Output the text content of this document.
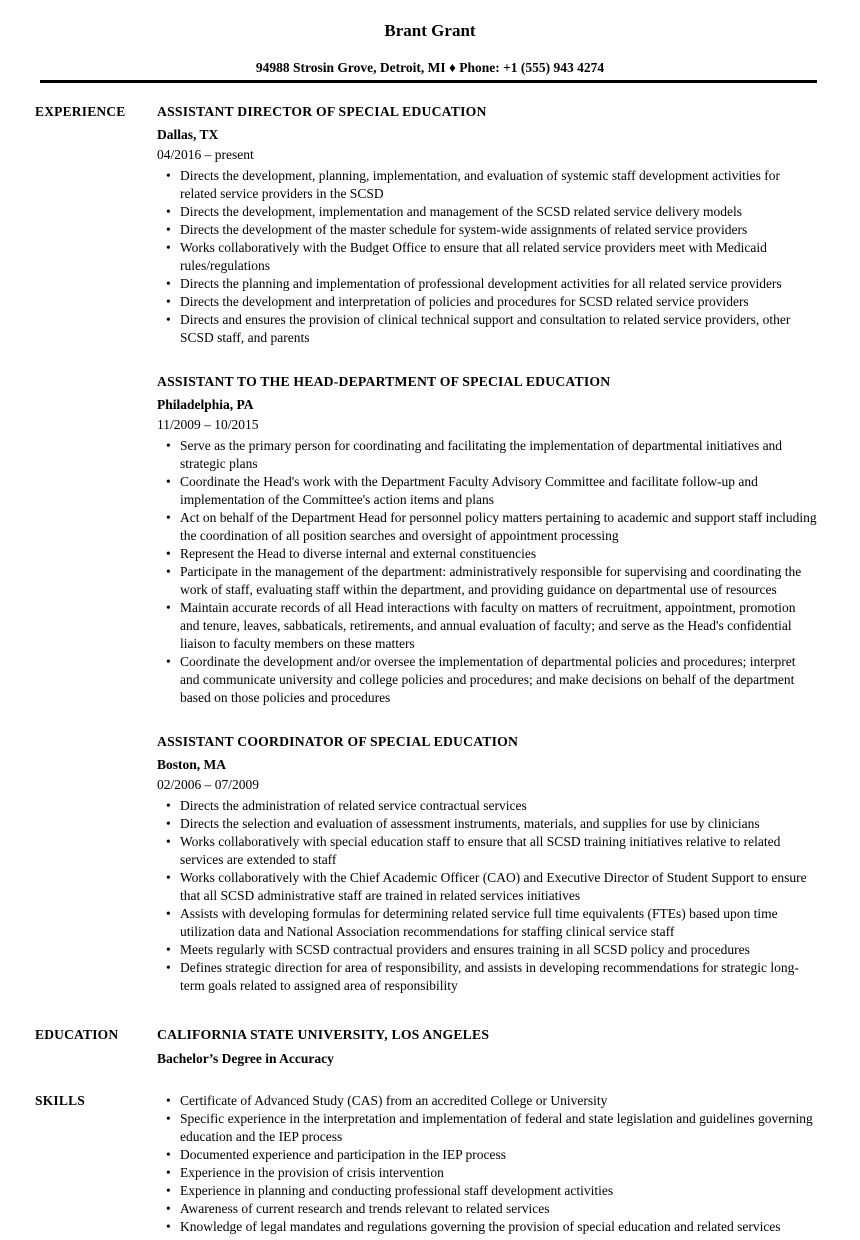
Brant Grant
94988 Strosin Grove, Detroit, MI ♦ Phone: +1 (555) 943 4274
EXPERIENCE	ASSISTANT DIRECTOR OF SPECIAL EDUCATION
Dallas, TX
04/2016 – present
• Directs the development, planning, implementation, and evaluation of systemic staff development activities for related service providers in the SCSD
• Directs the development, implementation and management of the SCSD related service delivery models
• Directs the development of the master schedule for system-wide assignments of related service providers
• Works collaboratively with the Budget Office to ensure that all related service providers meet with Medicaid rules/regulations
• Directs the planning and implementation of professional development activities for all related service providers
• Directs the development and interpretation of policies and procedures for SCSD related service providers
• Directs and ensures the provision of clinical technical support and consultation to related service providers, other SCSD staff, and parents
ASSISTANT TO THE HEAD-DEPARTMENT OF SPECIAL EDUCATION
Philadelphia, PA
11/2009 – 10/2015
• Serve as the primary person for coordinating and facilitating the implementation of departmental initiatives and strategic plans
• Coordinate the Head's work with the Department Faculty Advisory Committee and facilitate follow-up and implementation of the Committee's action items and plans
• Act on behalf of the Department Head for personnel policy matters pertaining to academic and support staff including the coordination of all position searches and oversight of appointment processing
• Represent the Head to diverse internal and external constituencies
• Participate in the management of the department: administratively responsible for supervising and coordinating the work of staff, evaluating staff within the department, and providing guidance on departmental use of resources
• Maintain accurate records of all Head interactions with faculty on matters of recruitment, appointment, promotion and tenure, leaves, sabbaticals, retirements, and annual evaluation of faculty; and serve as the Head's confidential liaison to faculty members on these matters
• Coordinate the development and/or oversee the implementation of departmental policies and procedures; interpret and communicate university and college policies and procedures; and make decisions on behalf of the department based on those policies and procedures
ASSISTANT COORDINATOR OF SPECIAL EDUCATION
Boston, MA
02/2006 – 07/2009
• Directs the administration of related service contractual services
• Directs the selection and evaluation of assessment instruments, materials, and supplies for use by clinicians
• Works collaboratively with special education staff to ensure that all SCSD training initiatives relative to related services are extended to staff
• Works collaboratively with the Chief Academic Officer (CAO) and Executive Director of Student Support to ensure that all SCSD administrative staff are trained in related services initiatives
• Assists with developing formulas for determining related service full time equivalents (FTEs) based upon time utilization data and National Association recommendations for staffing clinical service staff
• Meets regularly with SCSD contractual providers and ensures training in all SCSD policy and procedures
• Defines strategic direction for area of responsibility, and assists in developing recommendations for strategic long-term goals related to assigned area of responsibility
EDUCATION	CALIFORNIA STATE UNIVERSITY, LOS ANGELES
Bachelor’s Degree in Accuracy
SKILLS	• Certificate of Advanced Study (CAS) from an accredited College or University
• Specific experience in the interpretation and implementation of federal and state legislation and guidelines governing education and the IEP process
• Documented experience and participation in the IEP process
• Experience in the provision of crisis intervention
• Experience in planning and conducting professional staff development activities
• Awareness of current research and trends relevant to related services
• Knowledge of legal mandates and regulations governing the provision of special education and related services
